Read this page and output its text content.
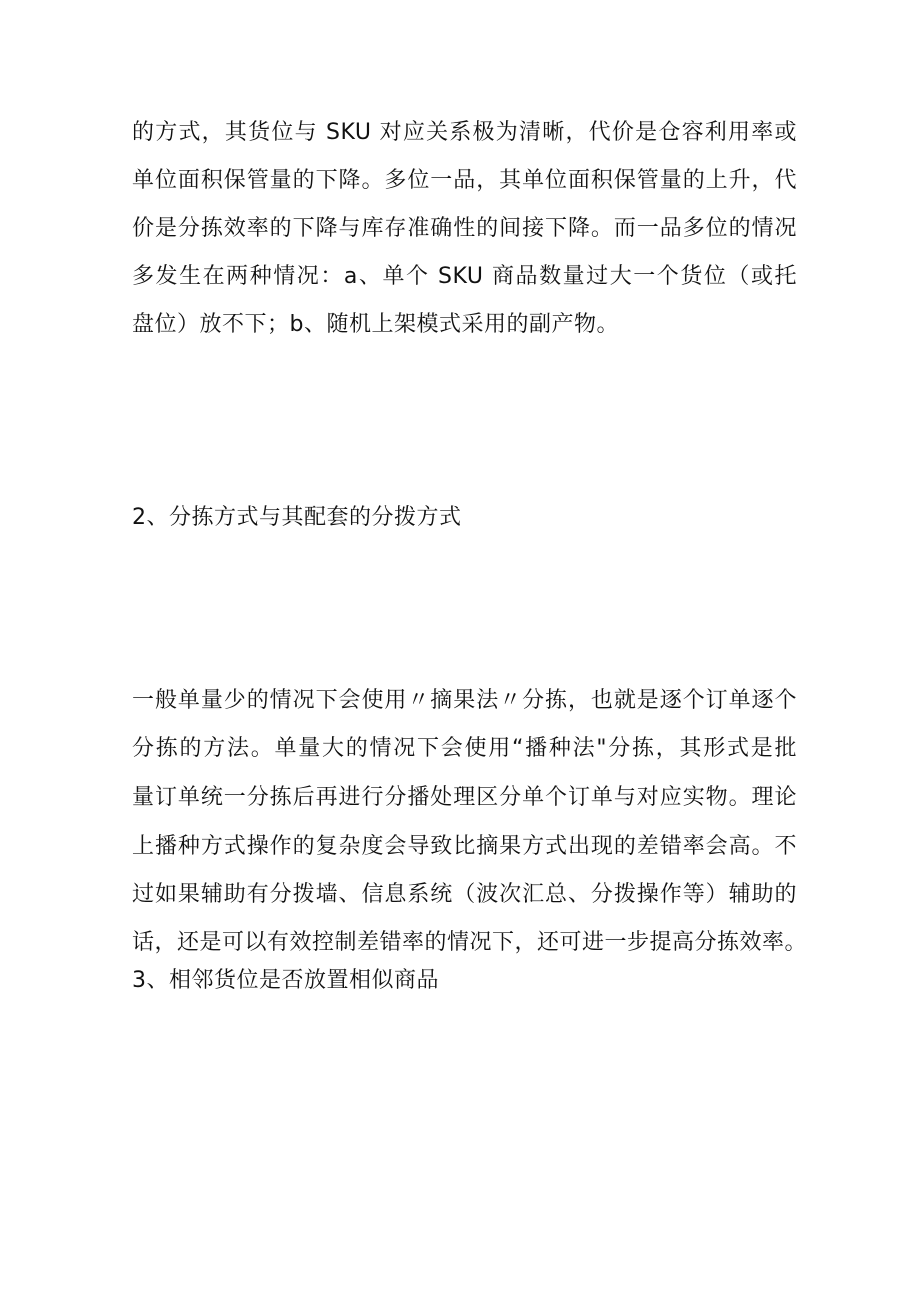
的方式，其货位与 SKU 对应关系极为清晰，代价是仓容利用率或
单位面积保管量的下降。多位一品，其单位面积保管量的上升，代
价是分拣效率的下降与库存准确性的间接下降。而一品多位的情况
多发生在两种情况：a、单个 SKU 商品数量过大一个货位（或托
盘位）放不下；b、随机上架模式采用的副产物。
2、分拣方式与其配套的分拨方式
一般单量少的情况下会使用〃摘果法〃分拣，也就是逐个订单逐个
分拣的方法。单量大的情况下会使用“播种法"分拣，其形式是批
量订单统一分拣后再进行分播处理区分单个订单与对应实物。理论
上播种方式操作的复杂度会导致比摘果方式出现的差错率会高。不
过如果辅助有分拨墙、信息系统（波次汇总、分拨操作等）辅助的
话，还是可以有效控制差错率的情况下，还可进一步提高分拣效率。
3、相邻货位是否放置相似商品
